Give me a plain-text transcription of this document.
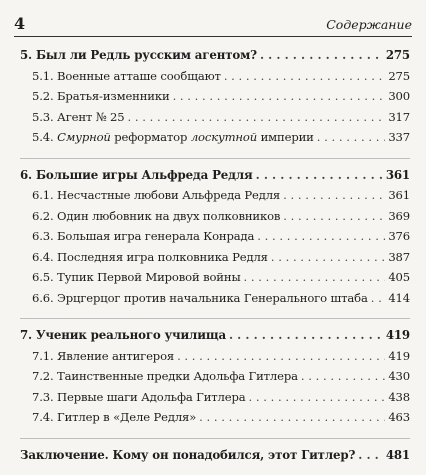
4	Содержание
5. Был ли Редль русским агентом? . . .	275
5.1. Военные атташе сообщают . . .	275
5.2. Братья-изменники . . .	300
5.3. Агент № 25 . . .	317
5.4. Смурной реформатор лоскутной империи . . .	337
6. Большие игры Альфреда Редля . . .	361
6.1. Несчастные любови Альфреда Редля . . .	361
6.2. Один любовник на двух полковников . . .	369
6.3. Большая игра генерала Конрада . . .	376
6.4. Последняя игра полковника Редля . . .	387
6.5. Тупик Первой Мировой войны . . .	405
6.6. Эрцгерцог против начальника Генерального штаба . . . 414
7. Ученик реального училища . . .	419
7.1. Явление антигероя . . .	419
7.2. Таинственные предки Адольфа Гитлера . . .	430
7.3. Первые шаги Адольфа Гитлера . . .	438
7.4. Гитлер в «Деле Редля» . . .	463
Заключение. Кому он понадобился, этот Гитлер? . . .	481
